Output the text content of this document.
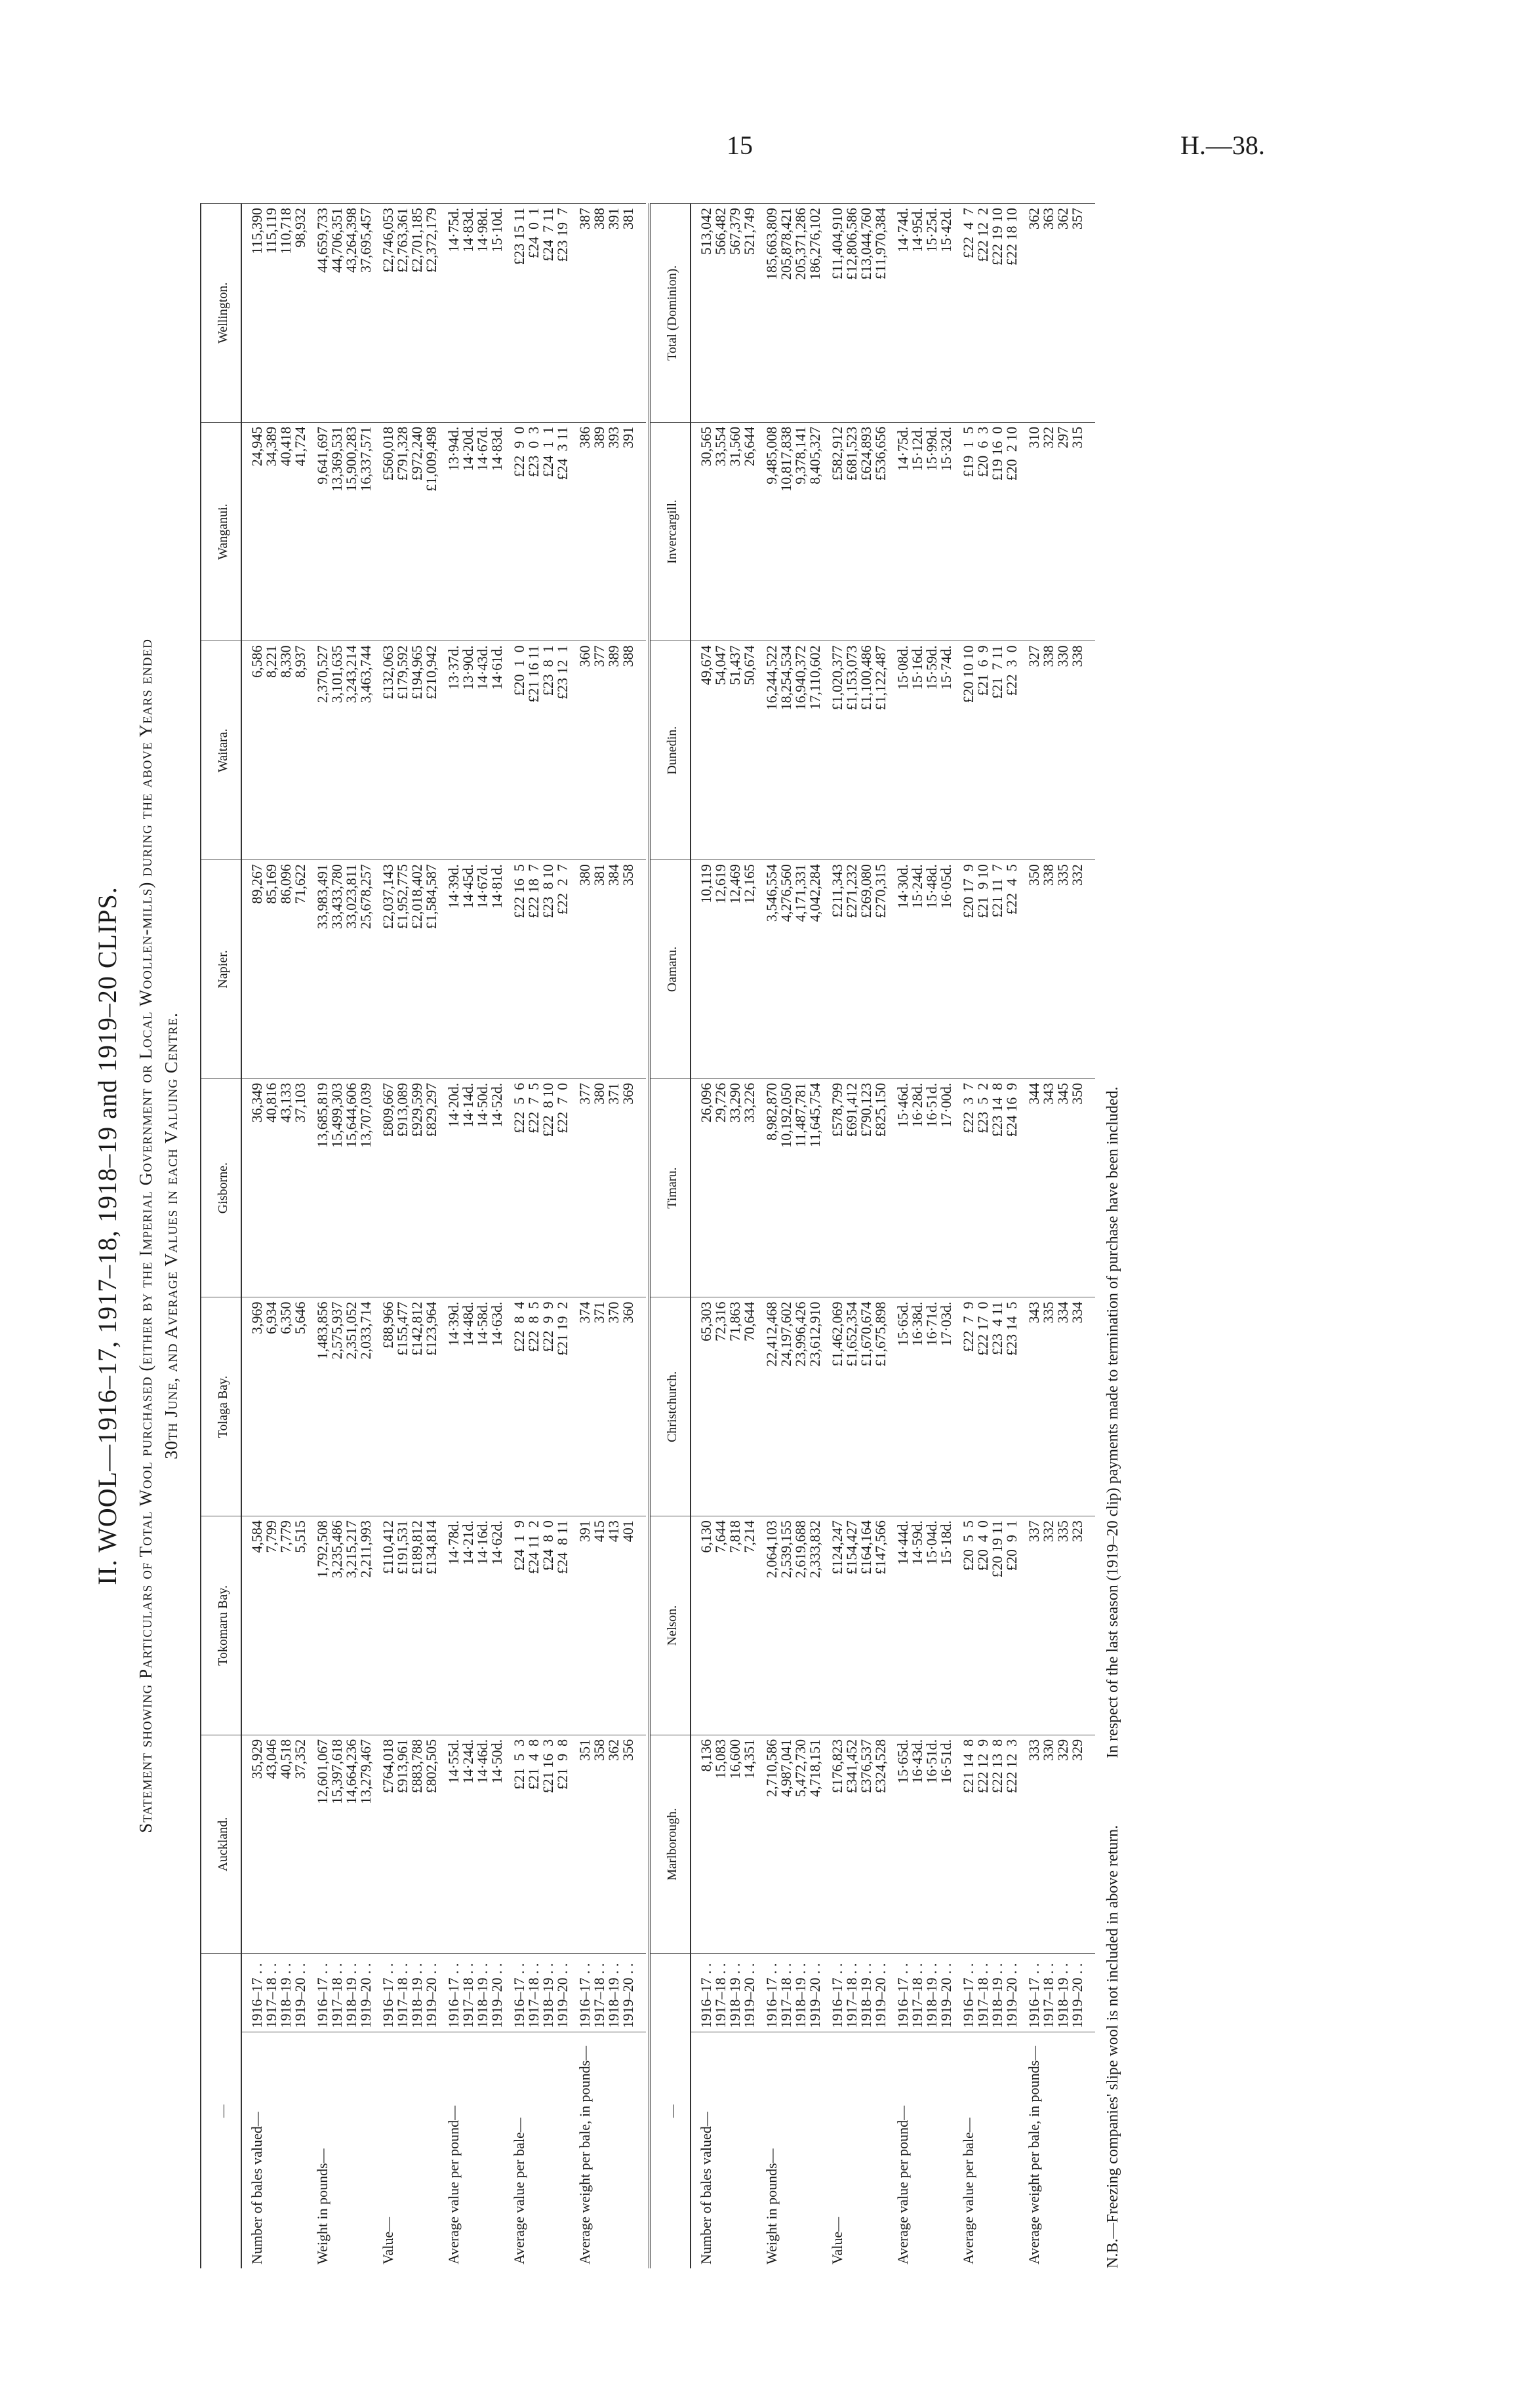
15	H.—38.
II. WOOL—1916–17, 1917–18, 1918–19 and 1919–20 CLIPS. Statement showing Particulars of Total Wool purchased (either by the Imperial Government or Local Woollen-mills) during the above Years ended 30th June, and Average Values in each Valuing Centre.
—		Auckland.	Tokomaru Bay.	Tolaga Bay.	Gisborne.	Napier.	Waitara.	Wanganui.	Wellington.
Number of bales valued—	1916–17 . .	35,929	4,584	3,969	36,349	89,267	6,586	24,945	115,390
	1917–18 . .	43,046	7,799	6,934	40,816	85,169	8,221	34,389	115,119
	1918–19 . .	40,518	7,779	6,350	43,133	86,096	8,330	40,418	110,718
	1919–20 . .	37,352	5,515	5,646	37,103	71,622	8,937	41,724	98,932
Weight in pounds—	1916–17 . .	12,601,067	1,792,508	1,483,856	13,685,819	33,983,491	2,370,527	9,641,697	44,659,733
	1917–18 . .	15,397,618	3,235,486	2,575,937	15,499,303	33,433,780	3,101,635	13,369,531	44,706,351
	1918–19 . .	14,664,236	3,215,217	2,351,052	15,644,606	33,023,811	3,243,214	15,900,283	43,264,398
	1919–20 . .	13,279,467	2,211,993	2,033,714	13,707,039	25,678,257	3,463,744	16,337,571	37,695,457
Value—	1916–17 . .	£764,018	£110,412	£88,966	£809,667	£2,037,143	£132,063	£560,018	£2,746,053
	1917–18 . .	£913,961	£191,531	£155,477	£913,089	£1,952,775	£179,592	£791,328	£2,763,361
	1918–19 . .	£883,788	£189,812	£142,812	£929,599	£2,018,402	£194,965	£972,240	£2,701,185
	1919–20 . .	£802,505	£134,814	£123,964	£829,297	£1,584,587	£210,942	£1,009,498	£2,372,179
Average value per pound—	1916–17 . .	14·55d.	14·78d.	14·39d.	14·20d.	14·39d.	13·37d.	13·94d.	14·75d.
	1917–18 . .	14·24d.	14·21d.	14·48d.	14·14d.	14·45d.	13·90d.	14·20d.	14·83d.
	1918–19 . .	14·46d.	14·16d.	14·58d.	14·50d.	14·67d.	14·43d.	14·67d.	14·98d.
	1919–20 . .	14·50d.	14·62d.	14·63d.	14·52d.	14·81d.	14·61d.	14·83d.	15·10d.
Average value per bale—	1916–17 . .	£21  5  3	£24  1  9	£22  8  4	£22  5  6	£22 16  5	£20  1  0	£22  9  0	£23 15 11
	1917–18 . .	£21  4  8	£24 11  2	£22  8  5	£22  7  5	£22 18  7	£21 16 11	£23  0  3	£24  0  1
	1918–19 . .	£21 16  3	£24  8  0	£22  9  9	£22  8 10	£23  8 10	£23  8  1	£24  1  1	£24  7 11
	1919–20 . .	£21  9  8	£24  8 11	£21 19  2	£22  7  0	£22  2  7	£23 12  1	£24  3 11	£23 19  7
Average weight per bale, in pounds—	1916–17 . .	351	391	374	377	380	360	386	387
	1917–18 . .	358	415	371	380	381	377	389	388
	1918–19 . .	362	413	370	371	384	389	393	391
	1919–20 . .	356	401	360	369	358	388	391	381
—		Marlborough.	Nelson.	Christchurch.	Timaru.	Oamaru.	Dunedin.	Invercargill.	Total (Dominion).
Number of bales valued—	1916–17 . .	8,136	6,130	65,303	26,096	10,119	49,674	30,565	513,042
	1917–18 . .	15,083	7,644	72,316	29,726	12,619	54,047	33,554	566,482
	1918–19 . .	16,600	7,818	71,863	33,290	12,469	51,437	31,560	567,379
	1919–20 . .	14,351	7,214	70,644	33,226	12,165	50,674	26,644	521,749
Weight in pounds—	1916–17 . .	2,710,586	2,064,103	22,412,468	8,982,870	3,546,554	16,244,522	9,485,008	185,663,809
	1917–18 . .	4,987,041	2,539,155	24,197,602	10,192,050	4,276,560	18,254,534	10,817,838	205,878,421
	1918–19 . .	5,472,730	2,619,688	23,996,426	11,487,781	4,171,331	16,940,372	9,378,141	205,371,286
	1919–20 . .	4,718,151	2,333,832	23,612,910	11,645,754	4,042,284	17,110,602	8,405,327	186,276,102
Value—	1916–17 . .	£176,823	£124,247	£1,462,069	£578,799	£211,343	£1,020,377	£582,912	£11,404,910
	1917–18 . .	£341,452	£154,427	£1,652,354	£691,412	£271,232	£1,153,073	£681,523	£12,806,586
	1918–19 . .	£376,537	£164,164	£1,670,674	£790,123	£269,080	£1,100,486	£624,893	£13,044,760
	1919–20 . .	£324,528	£147,566	£1,675,898	£825,150	£270,315	£1,122,487	£536,656	£11,970,384
Average value per pound—	1916–17 . .	15·65d.	14·44d.	15·65d.	15·46d.	14·30d.	15·08d.	14·75d.	14·74d.
	1917–18 . .	16·43d.	14·59d.	16·38d.	16·28d.	15·24d.	15·16d.	15·12d.	14·95d.
	1918–19 . .	16·51d.	15·04d.	16·71d.	16·51d.	15·48d.	15·59d.	15·99d.	15·25d.
	1919–20 . .	16·51d.	15·18d.	17·03d.	17·00d.	16·05d.	15·74d.	15·32d.	15·42d.
Average value per bale—	1916–17 . .	£21 14  8	£20  5  5	£22  7  9	£22  3  7	£20 17  9	£20 10 10	£19  1  5	£22  4  7
	1917–18 . .	£22 12  9	£20  4  0	£22 17  0	£23  5  2	£21  9 10	£21  6  9	£20  6  3	£22 12  2
	1918–19 . .	£22 13  8	£20 19 11	£23  4 11	£23 14  8	£21 11  7	£21  7 11	£19 16  0	£22 19 10
	1919–20 . .	£22 12  3	£20  9  1	£23 14  5	£24 16  9	£22  4  5	£22  3  0	£20  2 10	£22 18 10
Average weight per bale, in pounds—	1916–17 . .	333	337	343	344	350	327	310	362
	1917–18 . .	330	332	335	343	338	338	322	363
	1918–19 . .	329	335	334	345	335	330	297	362
	1919–20 . .	329	323	334	350	332	338	315	357
N.B.—Freezing companies' slipe wool is not included in above return.  In respect of the last season (1919–20 clip) payments made to termination of purchase have been included.
